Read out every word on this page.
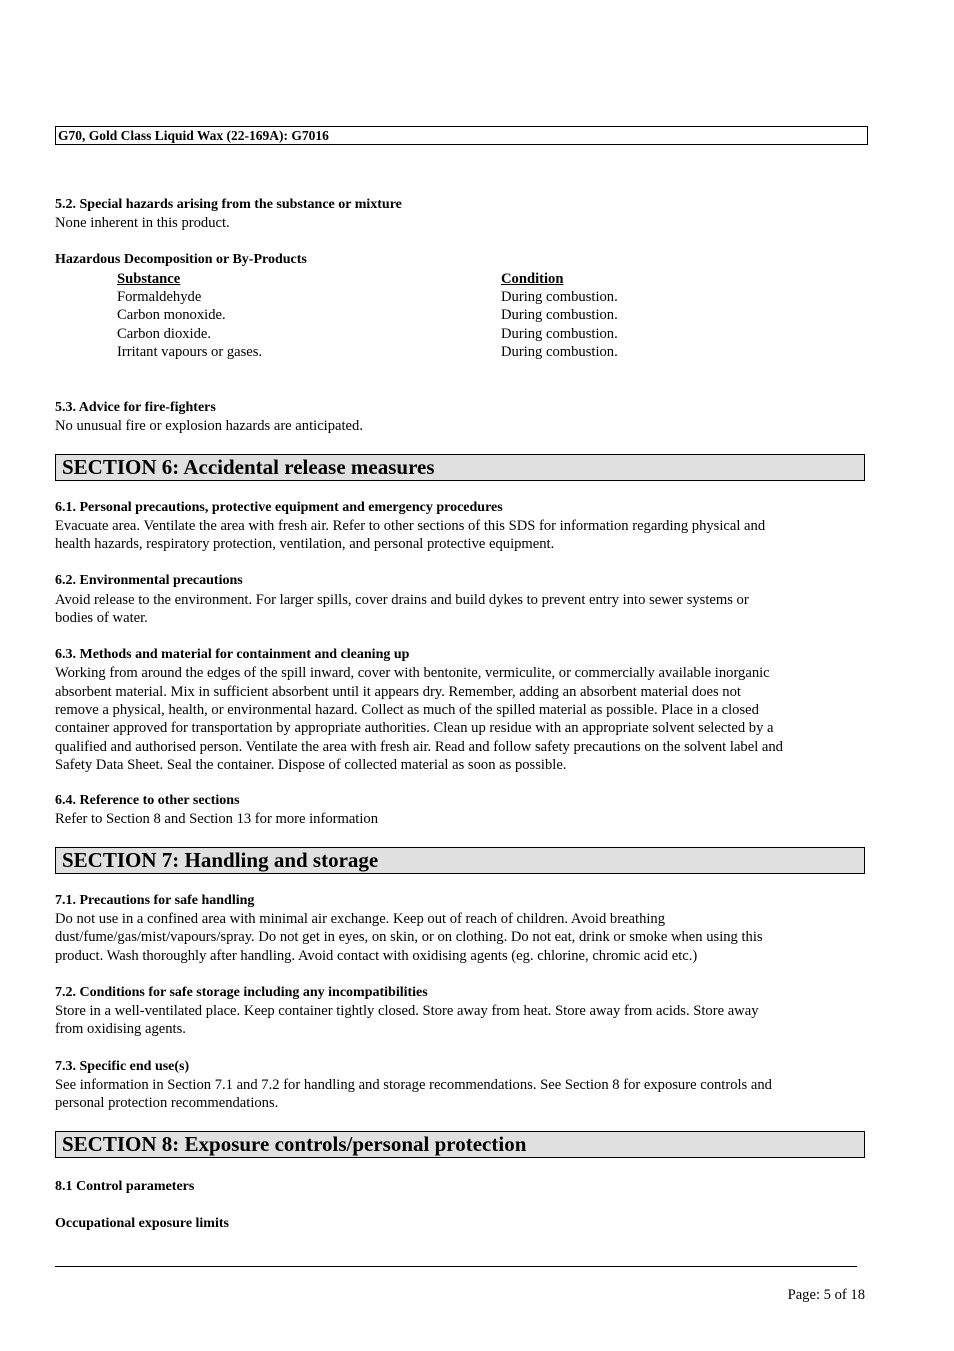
G70, Gold Class Liquid Wax (22-169A): G7016
5.2. Special hazards arising from the substance or mixture
None inherent in this product.
Hazardous Decomposition or By-Products
Substance	Condition
Formaldehyde	During combustion.
Carbon monoxide.	During combustion.
Carbon dioxide.	During combustion.
Irritant vapours or gases.	During combustion.
5.3. Advice for fire-fighters
No unusual fire or explosion hazards are anticipated.
SECTION 6: Accidental release measures
6.1. Personal precautions, protective equipment and emergency procedures
Evacuate area. Ventilate the area with fresh air. Refer to other sections of this SDS for information regarding physical and
health hazards, respiratory protection, ventilation, and personal protective equipment.
6.2. Environmental precautions
Avoid release to the environment. For larger spills, cover drains and build dykes to prevent entry into sewer systems or
bodies of water.
6.3. Methods and material for containment and cleaning up
Working from around the edges of the spill inward, cover with bentonite, vermiculite, or commercially available inorganic
absorbent material. Mix in sufficient absorbent until it appears dry. Remember, adding an absorbent material does not
remove a physical, health, or environmental hazard. Collect as much of the spilled material as possible. Place in a closed
container approved for transportation by appropriate authorities. Clean up residue with an appropriate solvent selected by a
qualified and authorised person. Ventilate the area with fresh air. Read and follow safety precautions on the solvent label and
Safety Data Sheet. Seal the container. Dispose of collected material as soon as possible.
6.4. Reference to other sections
Refer to Section 8 and Section 13 for more information
SECTION 7: Handling and storage
7.1. Precautions for safe handling
Do not use in a confined area with minimal air exchange. Keep out of reach of children. Avoid breathing
dust/fume/gas/mist/vapours/spray. Do not get in eyes, on skin, or on clothing. Do not eat, drink or smoke when using this
product. Wash thoroughly after handling. Avoid contact with oxidising agents (eg. chlorine, chromic acid etc.)
7.2. Conditions for safe storage including any incompatibilities
Store in a well-ventilated place. Keep container tightly closed. Store away from heat. Store away from acids. Store away
from oxidising agents.
7.3. Specific end use(s)
See information in Section 7.1 and 7.2 for handling and storage recommendations. See Section 8 for exposure controls and
personal protection recommendations.
SECTION 8: Exposure controls/personal protection
8.1 Control parameters
Occupational exposure limits
Page: 5 of 18
